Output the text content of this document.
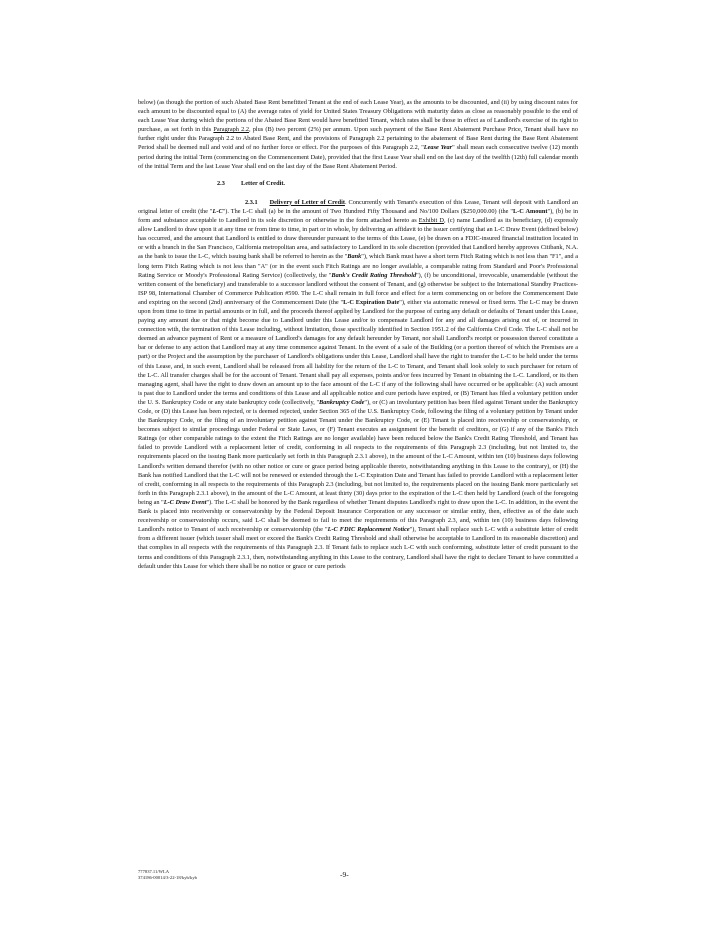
below) (as though the portion of such Abated Base Rent benefitted Tenant at the end of each Lease Year), as the amounts to be discounted, and (ii) by using discount rates for each amount to be discounted equal to (A) the average rates of yield for United States Treasury Obligations with maturity dates as close as reasonably possible to the end of each Lease Year during which the portions of the Abated Base Rent would have benefitted Tenant, which rates shall be those in effect as of Landlord's exercise of its right to purchase, as set forth in this Paragraph 2.2, plus (B) two percent (2%) per annum. Upon such payment of the Base Rent Abatement Purchase Price, Tenant shall have no further right under this Paragraph 2.2 to Abated Base Rent, and the provisions of Paragraph 2.2 pertaining to the abatement of Base Rent during the Base Rent Abatement Period shall be deemed null and void and of no further force or effect. For the purposes of this Paragraph 2.2, "Lease Year" shall mean each consecutive twelve (12) month period during the initial Term (commencing on the Commencement Date), provided that the first Lease Year shall end on the last day of the twelfth (12th) full calendar month of the initial Term and the last Lease Year shall end on the last day of the Base Rent Abatement Period.

2.3	Letter of Credit.

2.3.1 Delivery of Letter of Credit. Concurrently with Tenant's execution of this Lease, Tenant will deposit with Landlord an original letter of credit (the "L-C"). The L-C shall (a) be in the amount of Two Hundred Fifty Thousand and No/100 Dollars ($250,000.00) (the "L-C Amount"), (b) be in form and substance acceptable to Landlord in its sole discretion or otherwise in the form attached hereto as Exhibit D, (c) name Landlord as its beneficiary, (d) expressly allow Landlord to draw upon it at any time or from time to time, in part or in whole, by delivering an affidavit to the issuer certifying that an L-C Draw Event (defined below) has occurred, and the amount that Landlord is entitled to draw thereunder pursuant to the terms of this Lease, (e) be drawn on a FDIC-insured financial institution located in or with a branch in the San Francisco, California metropolitan area, and satisfactory to Landlord in its sole discretion (provided that Landlord hereby approves Citibank, N.A. as the bank to issue the L-C, which issuing bank shall be referred to herein as the "Bank"), which Bank must have a short term Fitch Rating which is not less than "F1", and a long term Fitch Rating which is not less than "A" (or in the event such Fitch Ratings are no longer available, a comparable rating from Standard and Poor's Professional Rating Service or Moody's Professional Rating Service) (collectively, the "Bank's Credit Rating Threshold"), (f) be unconditional, irrevocable, unamendable (without the written consent of the beneficiary) and transferable to a successor landlord without the consent of Tenant, and (g) otherwise be subject to the International Standby Practices-ISP 98, International Chamber of Commerce Publication #590. The L-C shall remain in full force and effect for a term commencing on or before the Commencement Date and expiring on the second (2nd) anniversary of the Commencement Date (the "L-C Expiration Date"), either via automatic renewal or fixed term. The L-C may be drawn upon from time to time in partial amounts or in full, and the proceeds thereof applied by Landlord for the purpose of curing any default or defaults of Tenant under this Lease, paying any amount due or that might become due to Landlord under this Lease and/or to compensate Landlord for any and all damages arising out of, or incurred in connection with, the termination of this Lease including, without limitation, those specifically identified in Section 1951.2 of the California Civil Code. The L-C shall not be deemed an advance payment of Rent or a measure of Landlord's damages for any default hereunder by Tenant, nor shall Landlord's receipt or possession thereof constitute a bar or defense to any action that Landlord may at any time commence against Tenant. In the event of a sale of the Building (or a portion thereof of which the Premises are a part) or the Project and the assumption by the purchaser of Landlord's obligations under this Lease, Landlord shall have the right to transfer the L-C to be held under the terms of this Lease, and, in such event, Landlord shall be released from all liability for the return of the L-C to Tenant, and Tenant shall look solely to such purchaser for return of the L-C. All transfer charges shall be for the account of Tenant. Tenant shall pay all expenses, points and/or fees incurred by Tenant in obtaining the L-C. Landlord, or its then managing agent, shall have the right to draw down an amount up to the face amount of the L-C if any of the following shall have occurred or be applicable: (A) such amount is past due to Landlord under the terms and conditions of this Lease and all applicable notice and cure periods have expired, or (B) Tenant has filed a voluntary petition under the U. S. Bankruptcy Code or any state bankruptcy code (collectively, "Bankruptcy Code"), or (C) an involuntary petition has been filed against Tenant under the Bankruptcy Code, or (D) this Lease has been rejected, or is deemed rejected, under Section 365 of the U.S. Bankruptcy Code, following the filing of a voluntary petition by Tenant under the Bankruptcy Code, or the filing of an involuntary petition against Tenant under the Bankruptcy Code, or (E) Tenant is placed into receivership or conservatorship, or becomes subject to similar proceedings under Federal or State Laws, or (F) Tenant executes an assignment for the benefit of creditors, or (G) if any of the Bank's Fitch Ratings (or other comparable ratings to the extent the Fitch Ratings are no longer available) have been reduced below the Bank's Credit Rating Threshold, and Tenant has failed to provide Landlord with a replacement letter of credit, conforming in all respects to the requirements of this Paragraph 2.3 (including, but not limited to, the requirements placed on the issuing Bank more particularly set forth in this Paragraph 2.3.1 above), in the amount of the L-C Amount, within ten (10) business days following Landlord's written demand therefor (with no other notice or cure or grace period being applicable thereto, notwithstanding anything in this Lease to the contrary), or (H) the Bank has notified Landlord that the L-C will not be renewed or extended through the L-C Expiration Date and Tenant has failed to provide Landlord with a replacement letter of credit, conforming in all respects to the requirements of this Paragraph 2.3 (including, but not limited to, the requirements placed on the issuing Bank more particularly set forth in this Paragraph 2.3.1 above), in the amount of the L-C Amount, at least thirty (30) days prior to the expiration of the L-C then held by Landlord (each of the foregoing being an "L-C Draw Event"). The L-C shall be honored by the Bank regardless of whether Tenant disputes Landlord's right to draw upon the L-C. In addition, in the event the Bank is placed into receivership or conservatorship by the Federal Deposit Insurance Corporation or any successor or similar entity, then, effective as of the date such receivership or conservatorship occurs, said L-C shall be deemed to fail to meet the requirements of this Paragraph 2.3, and, within ten (10) business days following Landlord's notice to Tenant of such receivership or conservatorship (the "L-C FDIC Replacement Notice"), Tenant shall replace such L-C with a substitute letter of credit from a different issuer (which issuer shall meet or exceed the Bank's Credit Rating Threshold and shall otherwise be acceptable to Landlord in its reasonable discretion) and that complies in all respects with the requirements of this Paragraph 2.3. If Tenant fails to replace such L-C with such conforming, substitute letter of credit pursuant to the terms and conditions of this Paragraph 2.3.1, then, notwithstanding anything in this Lease to the contrary, Landlord shall have the right to declare Tenant to have committed a default under this Lease for which there shall be no notice or grace or cure periods

777837.11/WLA
374186-00014/3-22-18/kyb/kyb	-9-
